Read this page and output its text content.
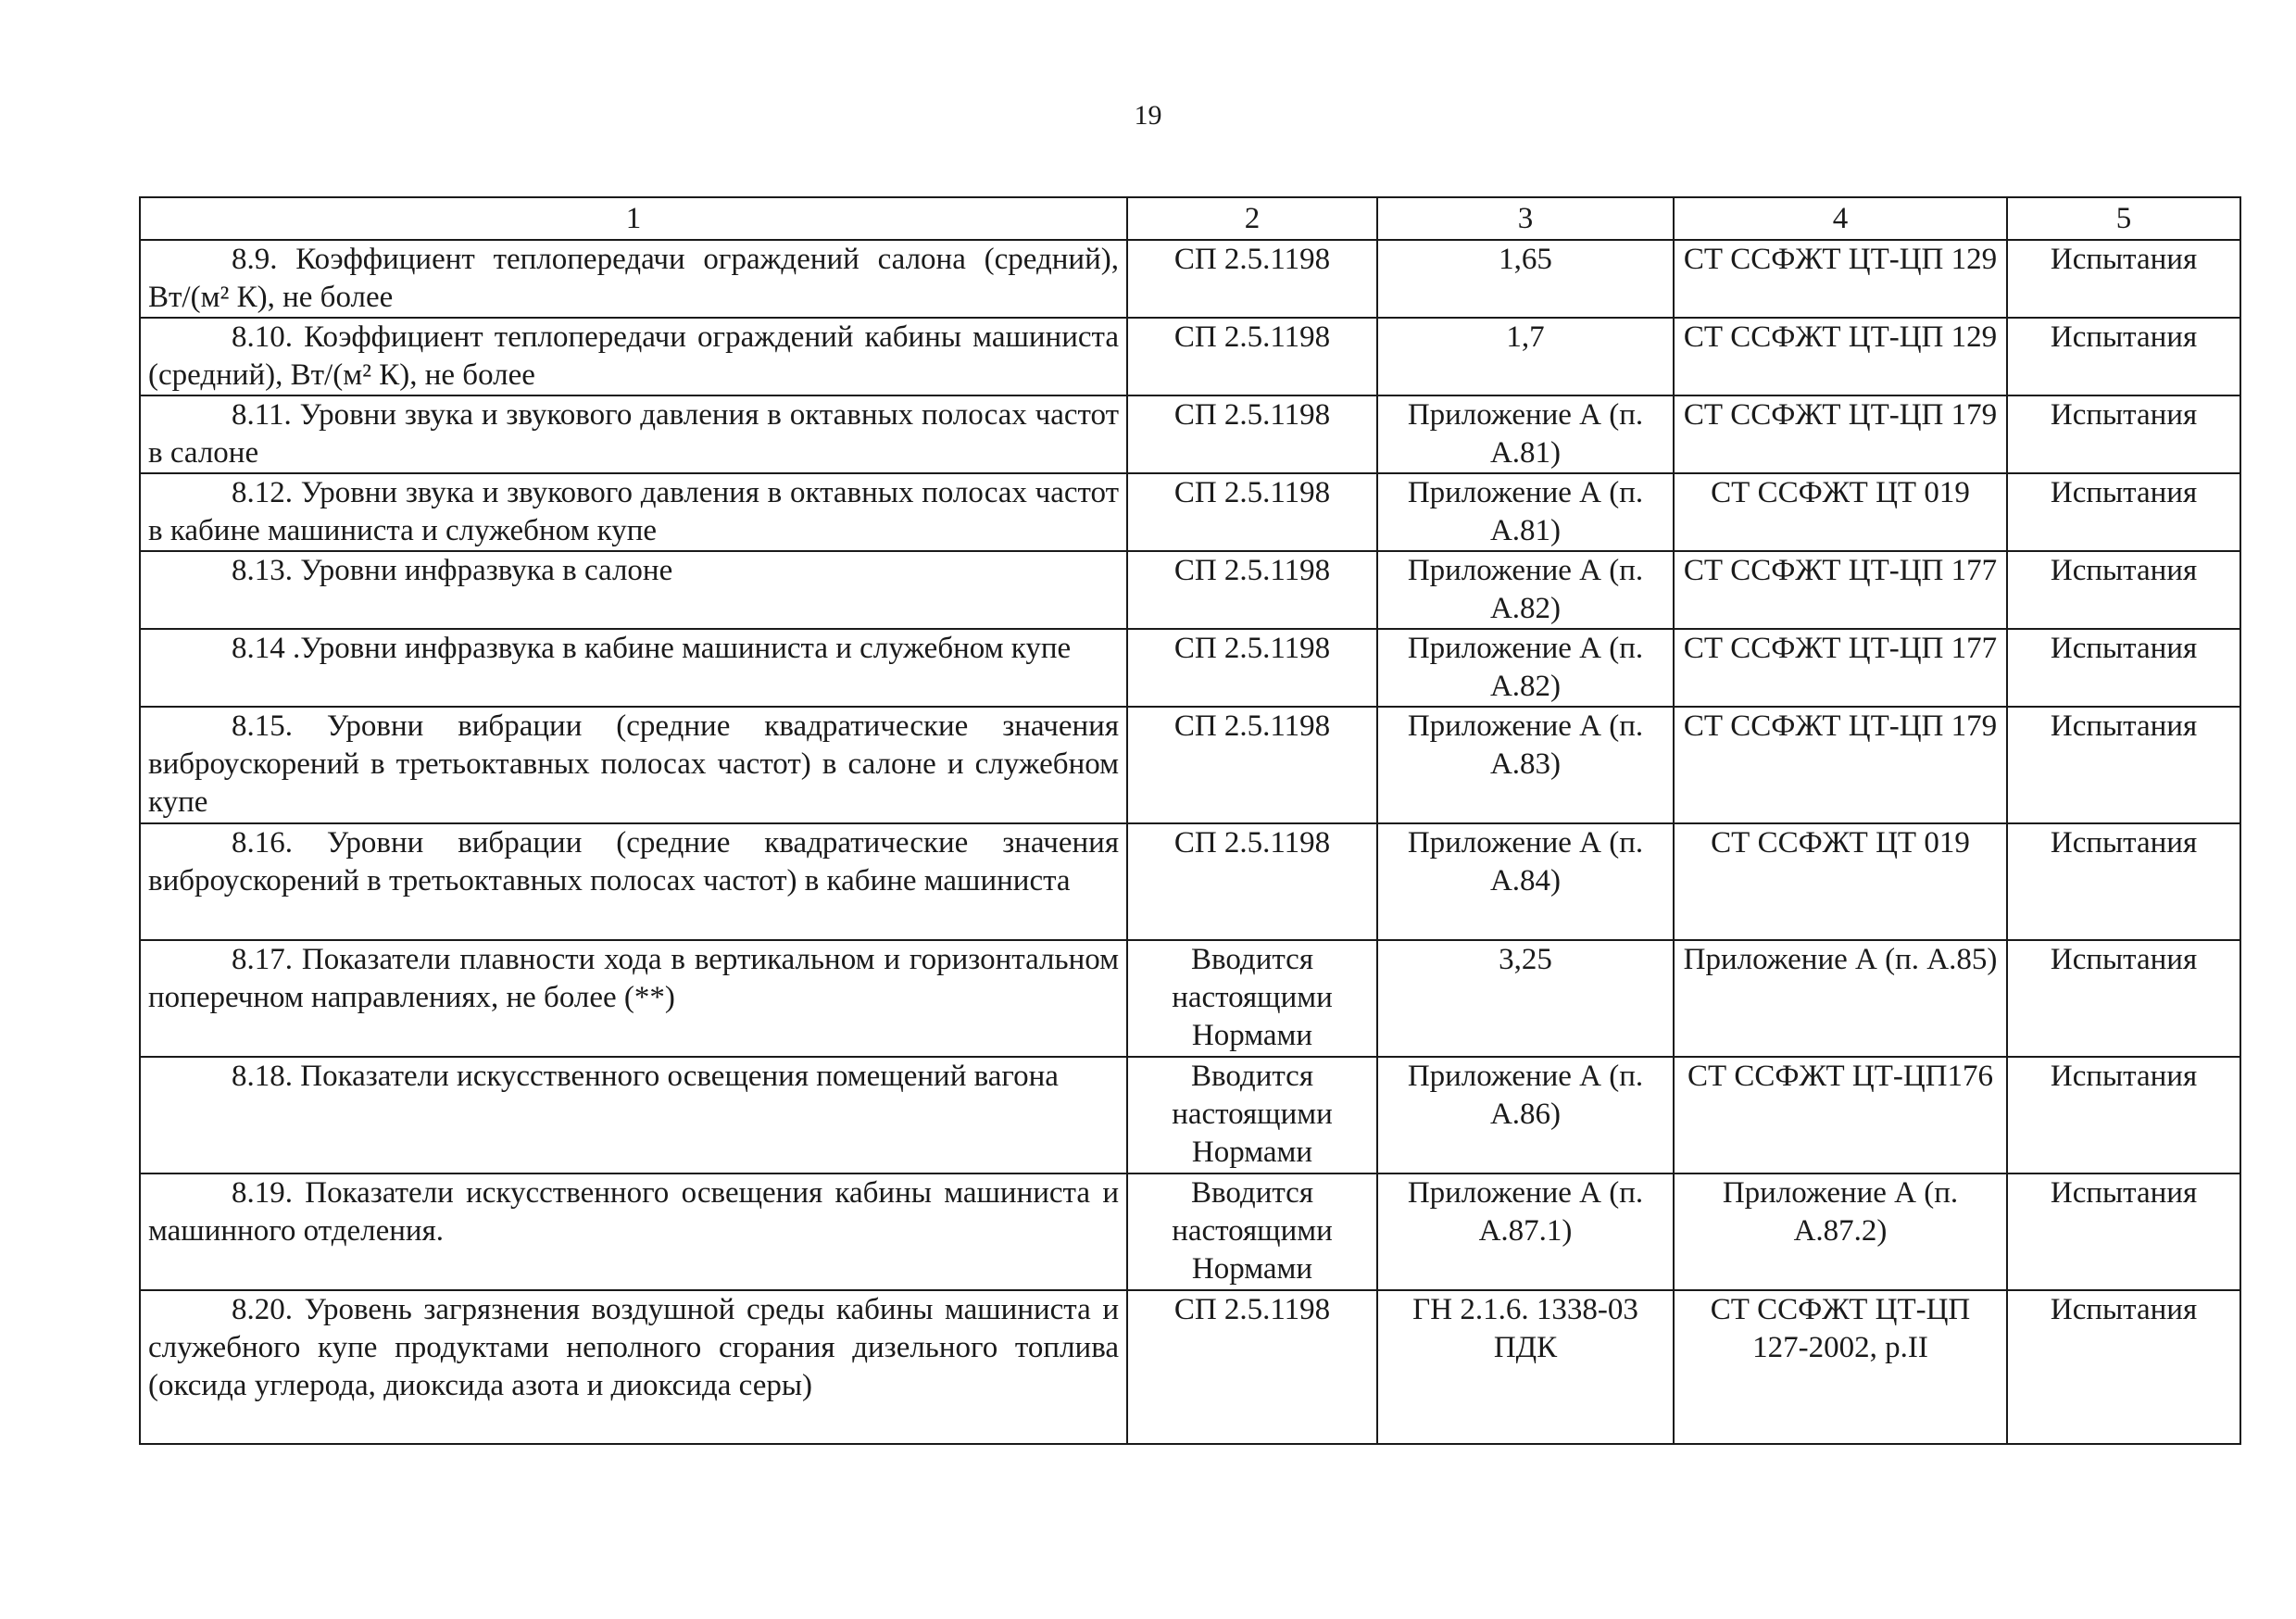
19
1	2	3	4	5
8.9. Коэффициент теплопередачи ограждений салона (средний), Вт/(м² К), не более	СП 2.5.1198	1,65	СТ ССФЖТ ЦТ-ЦП 129	Испытания
8.10. Коэффициент теплопередачи ограждений кабины машиниста (средний), Вт/(м² К), не более	СП 2.5.1198	1,7	СТ ССФЖТ ЦТ-ЦП 129	Испытания
8.11. Уровни звука и звукового давления в октавных полосах частот в салоне	СП 2.5.1198	Приложение А (п. А.81)	СТ ССФЖТ ЦТ-ЦП 179	Испытания
8.12. Уровни звука и звукового давления в октавных полосах частот в кабине машиниста и служебном купе	СП 2.5.1198	Приложение А (п. А.81)	СТ ССФЖТ ЦТ 019	Испытания
8.13. Уровни инфразвука в салоне	СП 2.5.1198	Приложение А (п. А.82)	СТ ССФЖТ ЦТ-ЦП 177	Испытания
8.14 .Уровни инфразвука в кабине машиниста и служебном купе	СП 2.5.1198	Приложение А (п. А.82)	СТ ССФЖТ ЦТ-ЦП 177	Испытания
8.15. Уровни вибрации (средние квадратические значения виброускорений в третьоктавных полосах частот) в салоне и служебном купе	СП 2.5.1198	Приложение А (п. А.83)	СТ ССФЖТ ЦТ-ЦП 179	Испытания
8.16. Уровни вибрации (средние квадратические значения виброускорений в третьоктавных полосах частот) в кабине машиниста	СП 2.5.1198	Приложение А (п. А.84)	СТ ССФЖТ ЦТ 019	Испытания
8.17. Показатели плавности хода в вертикальном и горизонтальном поперечном направлениях, не более (**)	Вводится настоящими Нормами	3,25	Приложение А (п. А.85)	Испытания
8.18. Показатели искусственного освещения помещений вагона	Вводится настоящими Нормами	Приложение А (п. А.86)	СТ ССФЖТ ЦТ-ЦП176	Испытания
8.19. Показатели искусственного освещения кабины машиниста и машинного отделения.	Вводится настоящими Нормами	Приложение А (п. А.87.1)	Приложение А (п. А.87.2)	Испытания
8.20. Уровень загрязнения воздушной среды кабины машиниста и служебного купе продуктами неполного сгорания дизельного топлива (оксида углерода, диоксида азота и диоксида серы)	СП 2.5.1198	ГН 2.1.6. 1338-03 ПДК	СТ ССФЖТ ЦТ-ЦП 127-2002, р.II	Испытания
